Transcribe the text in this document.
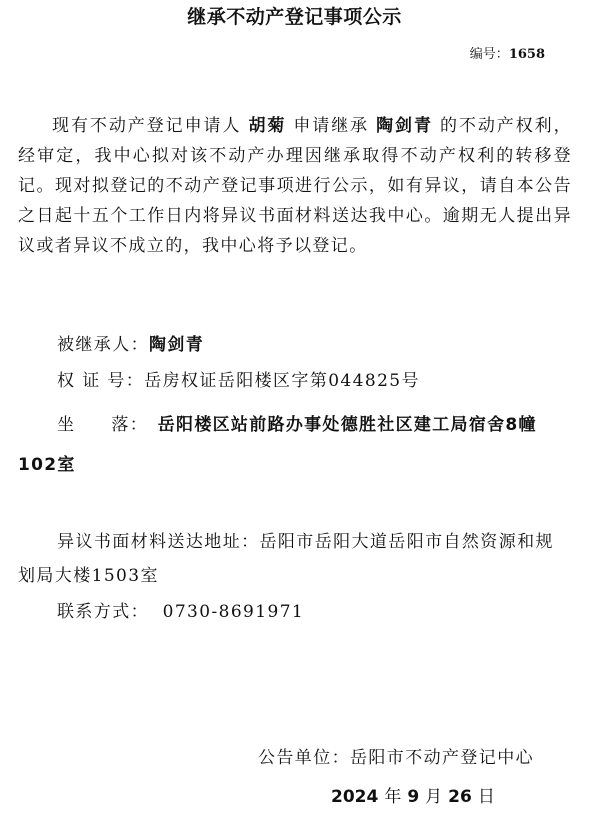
继承不动产登记事项公示
编号：1658
现有不动产登记申请人 胡菊 申请继承 陶剑青 的不动产权利，经审定，我中心拟对该不动产办理因继承取得不动产权利的转移登记。现对拟登记的不动产登记事项进行公示，如有异议，请自本公告之日起十五个工作日内将异议书面材料送达我中心。逾期无人提出异议或者异议不成立的，我中心将予以登记。
被继承人：陶剑青
权 证 号：岳房权证岳阳楼区字第044825号
坐 落：　 岳阳楼区站前路办事处德胜社区建工局宿舍8幢102室
异议书面材料送达地址：岳阳市岳阳大道岳阳市自然资源和规划局大楼1503室
联系方式： 0730-8691971
公告单位：岳阳市不动产登记中心
2024 年 9 月 26 日
